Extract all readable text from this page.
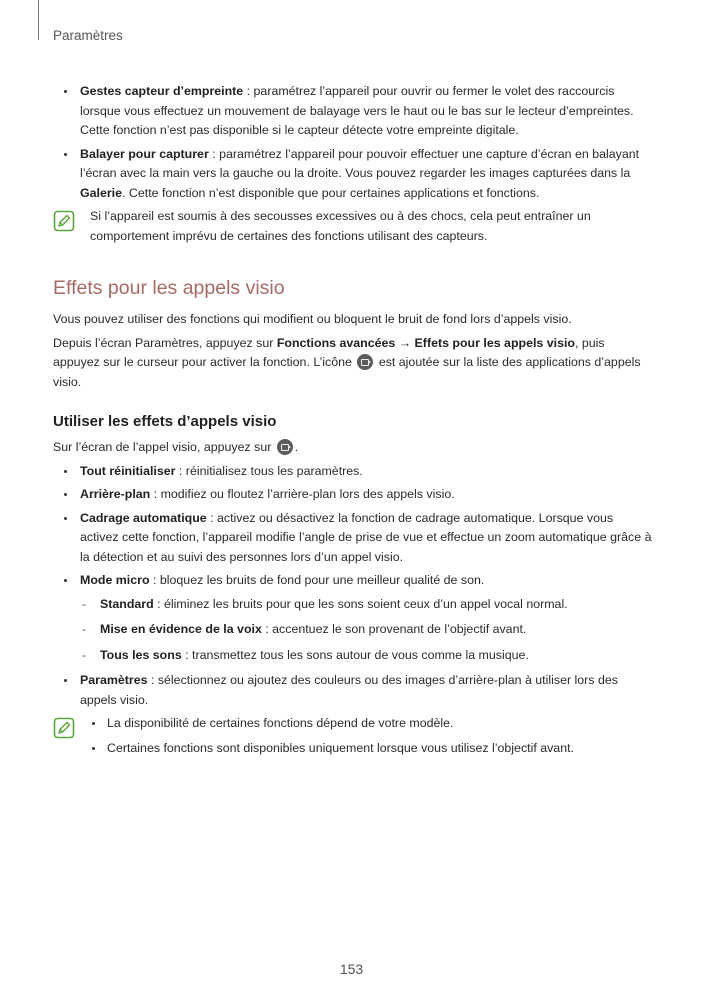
Paramètres
Gestes capteur d’empreinte : paramétrez l’appareil pour ouvrir ou fermer le volet des raccourcis lorsque vous effectuez un mouvement de balayage vers le haut ou le bas sur le lecteur d’empreintes. Cette fonction n’est pas disponible si le capteur détecte votre empreinte digitale.
Balayer pour capturer : paramétrez l’appareil pour pouvoir effectuer une capture d’écran en balayant l’écran avec la main vers la gauche ou la droite. Vous pouvez regarder les images capturées dans la Galerie. Cette fonction n’est disponible que pour certaines applications et fonctions.

Si l’appareil est soumis à des secousses excessives ou à des chocs, cela peut entraîner un comportement imprévu de certaines des fonctions utilisant des capteurs.

Effets pour les appels visio

Vous pouvez utiliser des fonctions qui modifient ou bloquent le bruit de fond lors d’appels visio.

Depuis l’écran Paramètres, appuyez sur Fonctions avancées → Effets pour les appels visio, puis appuyez sur le curseur pour activer la fonction. L’icône  est ajoutée sur la liste des applications d’appels visio.

Utiliser les effets d’appels visio

Sur l’écran de l’appel visio, appuyez sur .

Tout réinitialiser : réinitialisez tous les paramètres.
Arrière-plan : modifiez ou floutez l’arrière-plan lors des appels visio.
Cadrage automatique : activez ou désactivez la fonction de cadrage automatique. Lorsque vous activez cette fonction, l’appareil modifie l’angle de prise de vue et effectue un zoom automatique grâce à la détection et au suivi des personnes lors d’un appel visio.
Mode micro : bloquez les bruits de fond pour une meilleur qualité de son.
- Standard : éliminez les bruits pour que les sons soient ceux d’un appel vocal normal.
- Mise en évidence de la voix : accentuez le son provenant de l’objectif avant.
- Tous les sons : transmettez tous les sons autour de vous comme la musique.
Paramètres : sélectionnez ou ajoutez des couleurs ou des images d’arrière-plan à utiliser lors des appels visio.
La disponibilité de certaines fonctions dépend de votre modèle.
Certaines fonctions sont disponibles uniquement lorsque vous utilisez l’objectif avant.
153
